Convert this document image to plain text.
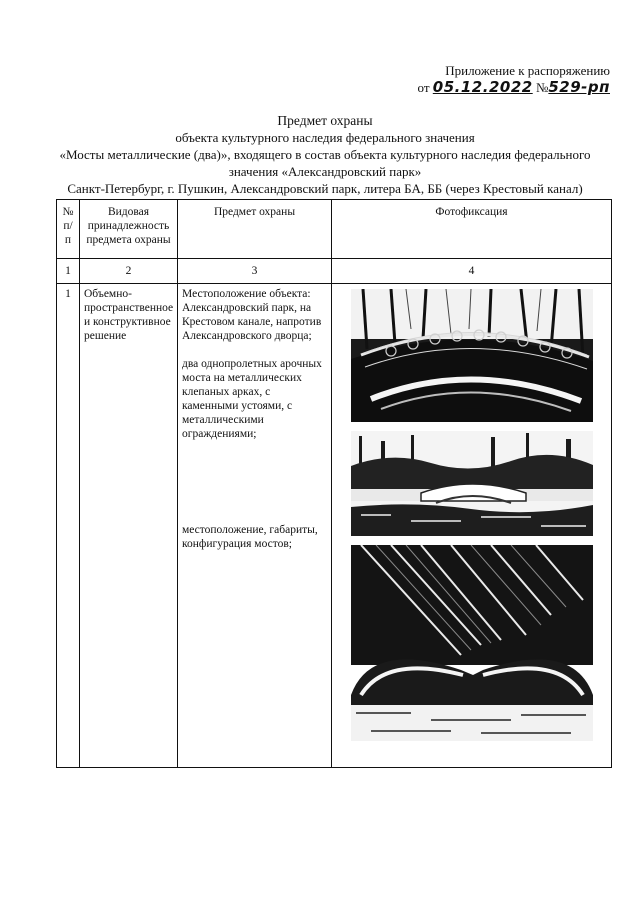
Приложение к распоряжению
от 05.12.2022 №529-рп
Предмет охраны
объекта культурного наследия федерального значения
«Мосты металлические (два)», входящего в состав объекта культурного наследия федерального
значения «Александровский парк»
Санкт-Петербург, г. Пушкин, Александровский парк, литера БА, ББ (через Крестовый канал)
№ п/п	Видовая принадлежность предмета охраны	Предмет охраны	Фотофиксация
1	2	3	4
1	Объемно-пространственное и конструктивное решение	Местоположение объекта: Александровский парк, на Крестовом канале, напротив Александровского дворца;
два однопролетных арочных моста на металлических клепаных арках, с каменными устоями, с металлическими ограждениями;
местоположение, габариты, конфигурация мостов;
